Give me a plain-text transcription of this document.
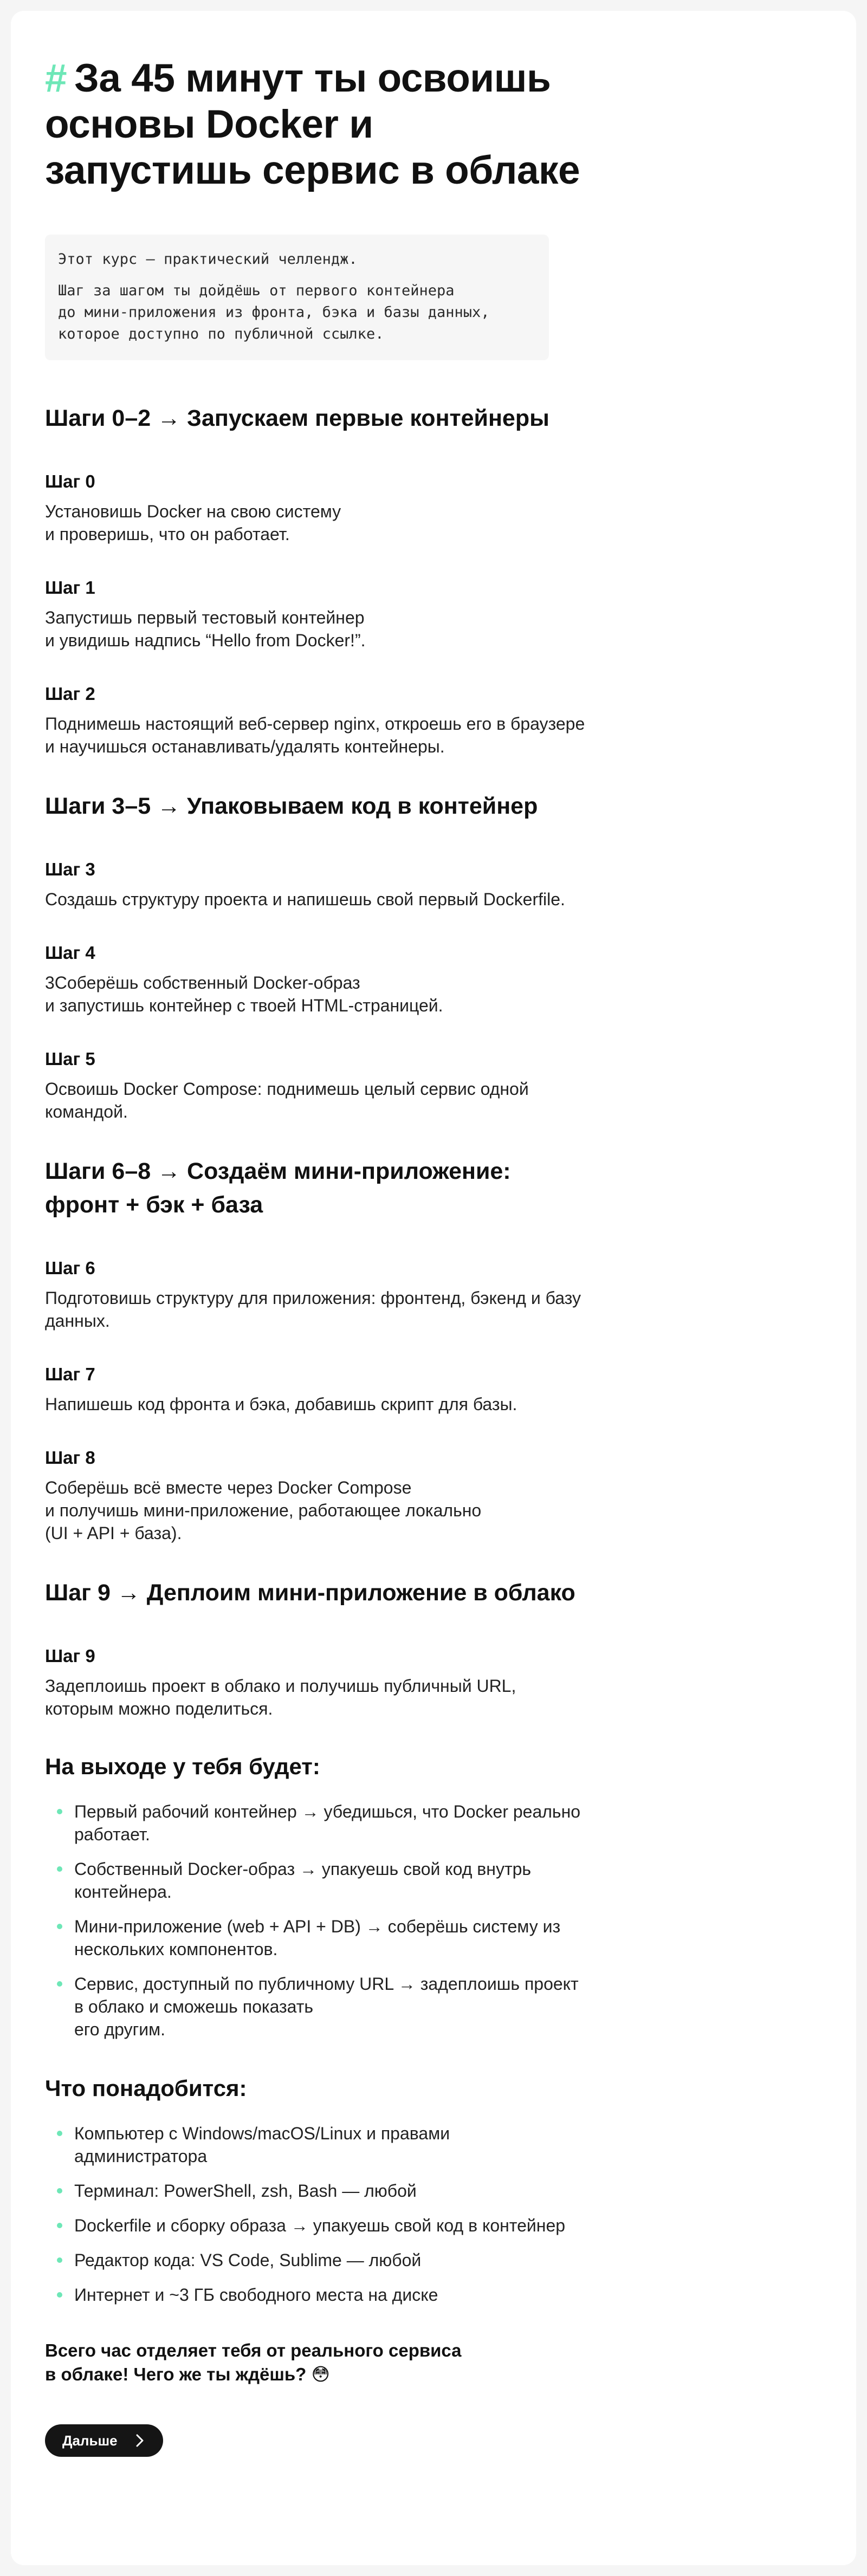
# За 45 минут ты освоишь основы Docker и запустишь сервис в облаке

Этот курс — практический челлендж.

Шаг за шагом ты дойдёшь от первого контейнера
до мини-приложения из фронта, бэка и базы данных, которое доступно по публичной ссылке.

Шаги 0–2 → Запускаем первые контейнеры
Шаг 0
Установишь Docker на свою систему
и проверишь, что он работает.
Шаг 1
Запустишь первый тестовый контейнер
и увидишь надпись “Hello from Docker!”.
Шаг 2
Поднимешь настоящий веб-сервер nginx, откроешь его в браузере и научишься останавливать/удалять контейнеры.
Шаги 3–5 → Упаковываем код в контейнер
Шаг 3
Создашь структуру проекта и напишешь свой первый Dockerfile.
Шаг 4
3Соберёшь собственный Docker-образ
и запустишь контейнер с твоей HTML-страницей.
Шаг 5
Освоишь Docker Compose: поднимешь целый сервис одной командой.
Шаги 6–8 → Создаём мини-приложение: фронт + бэк + база
Шаг 6
Подготовишь структуру для приложения: фронтенд, бэкенд и базу данных.
Шаг 7
Напишешь код фронта и бэка, добавишь скрипт для базы.
Шаг 8
Соберёшь всё вместе через Docker Compose
и получишь мини-приложение, работающее локально
(UI + API + база).
Шаг 9 → Деплоим мини-приложение в облако
Шаг 9
Задеплоишь проект в облако и получишь публичный URL, которым можно поделиться.
На выходе у тебя будет:
Первый рабочий контейнер → убедишься, что Docker реально работает.
Собственный Docker-образ → упакуешь свой код внутрь контейнера.
Мини-приложение (web + API + DB) → соберёшь систему из нескольких компонентов.
Сервис, доступный по публичному URL → задеплоишь проект в облако и сможешь показать
его другим.
Что понадобится:
Компьютер с Windows/macOS/Linux и правами администратора
Терминал: PowerShell, zsh, Bash — любой
Dockerfile и сборку образа → упакуешь свой код в контейнер
Редактор кода: VS Code, Sublime — любой
Интернет и ~3 ГБ свободного места на диске
Всего час отделяет тебя от реального сервиса
в облаке! Чего же ты ждёшь? 😳
Дальше
